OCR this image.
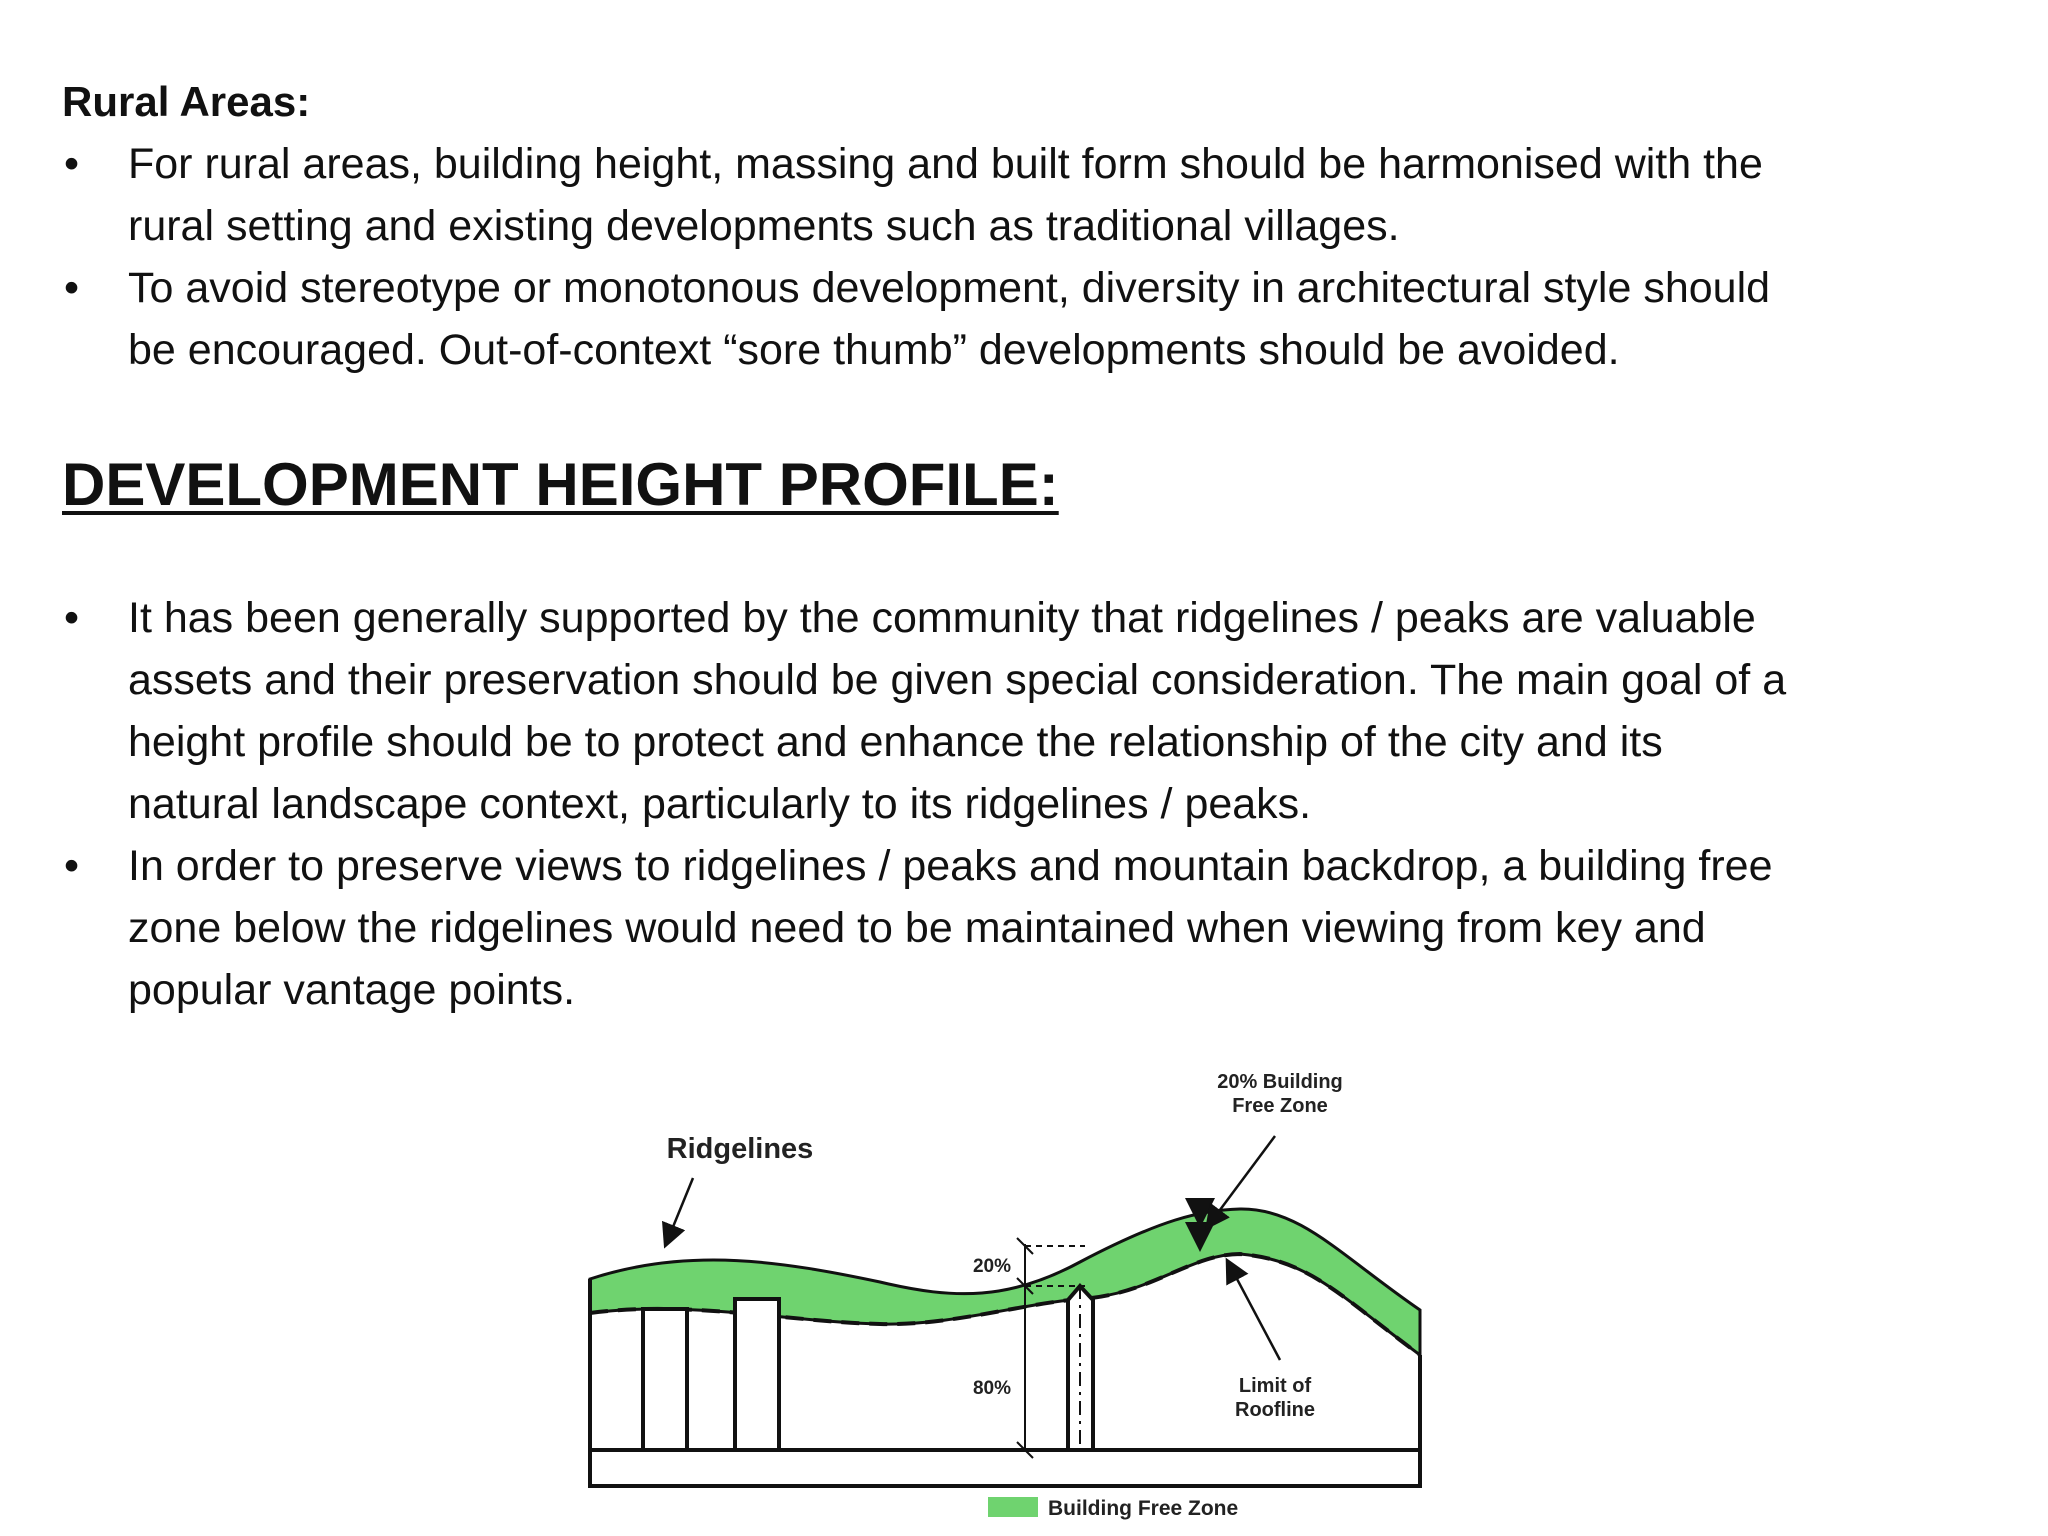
Rural Areas:
•	For rural areas, building height, massing and built form should be harmonised with the
rural setting and existing developments such as traditional villages.
•	To avoid stereotype or monotonous development, diversity in architectural style should
be encouraged. Out-of-context “sore thumb” developments should be avoided.
DEVELOPMENT HEIGHT PROFILE:
•	It has been generally supported by the community that ridgelines / peaks are valuable
assets and their preservation should be given special consideration. The main goal of a
height profile should be to protect and enhance the relationship of the city and its
natural landscape context, particularly to its ridgelines / peaks.
•	In order to preserve views to ridgelines / peaks and mountain backdrop, a building free
zone below the ridgelines would need to be maintained when viewing from key and
popular vantage points.
Ridgelines
20% Building
Free Zone
20%
80%	Limit of
Roofline
Building Free Zone
